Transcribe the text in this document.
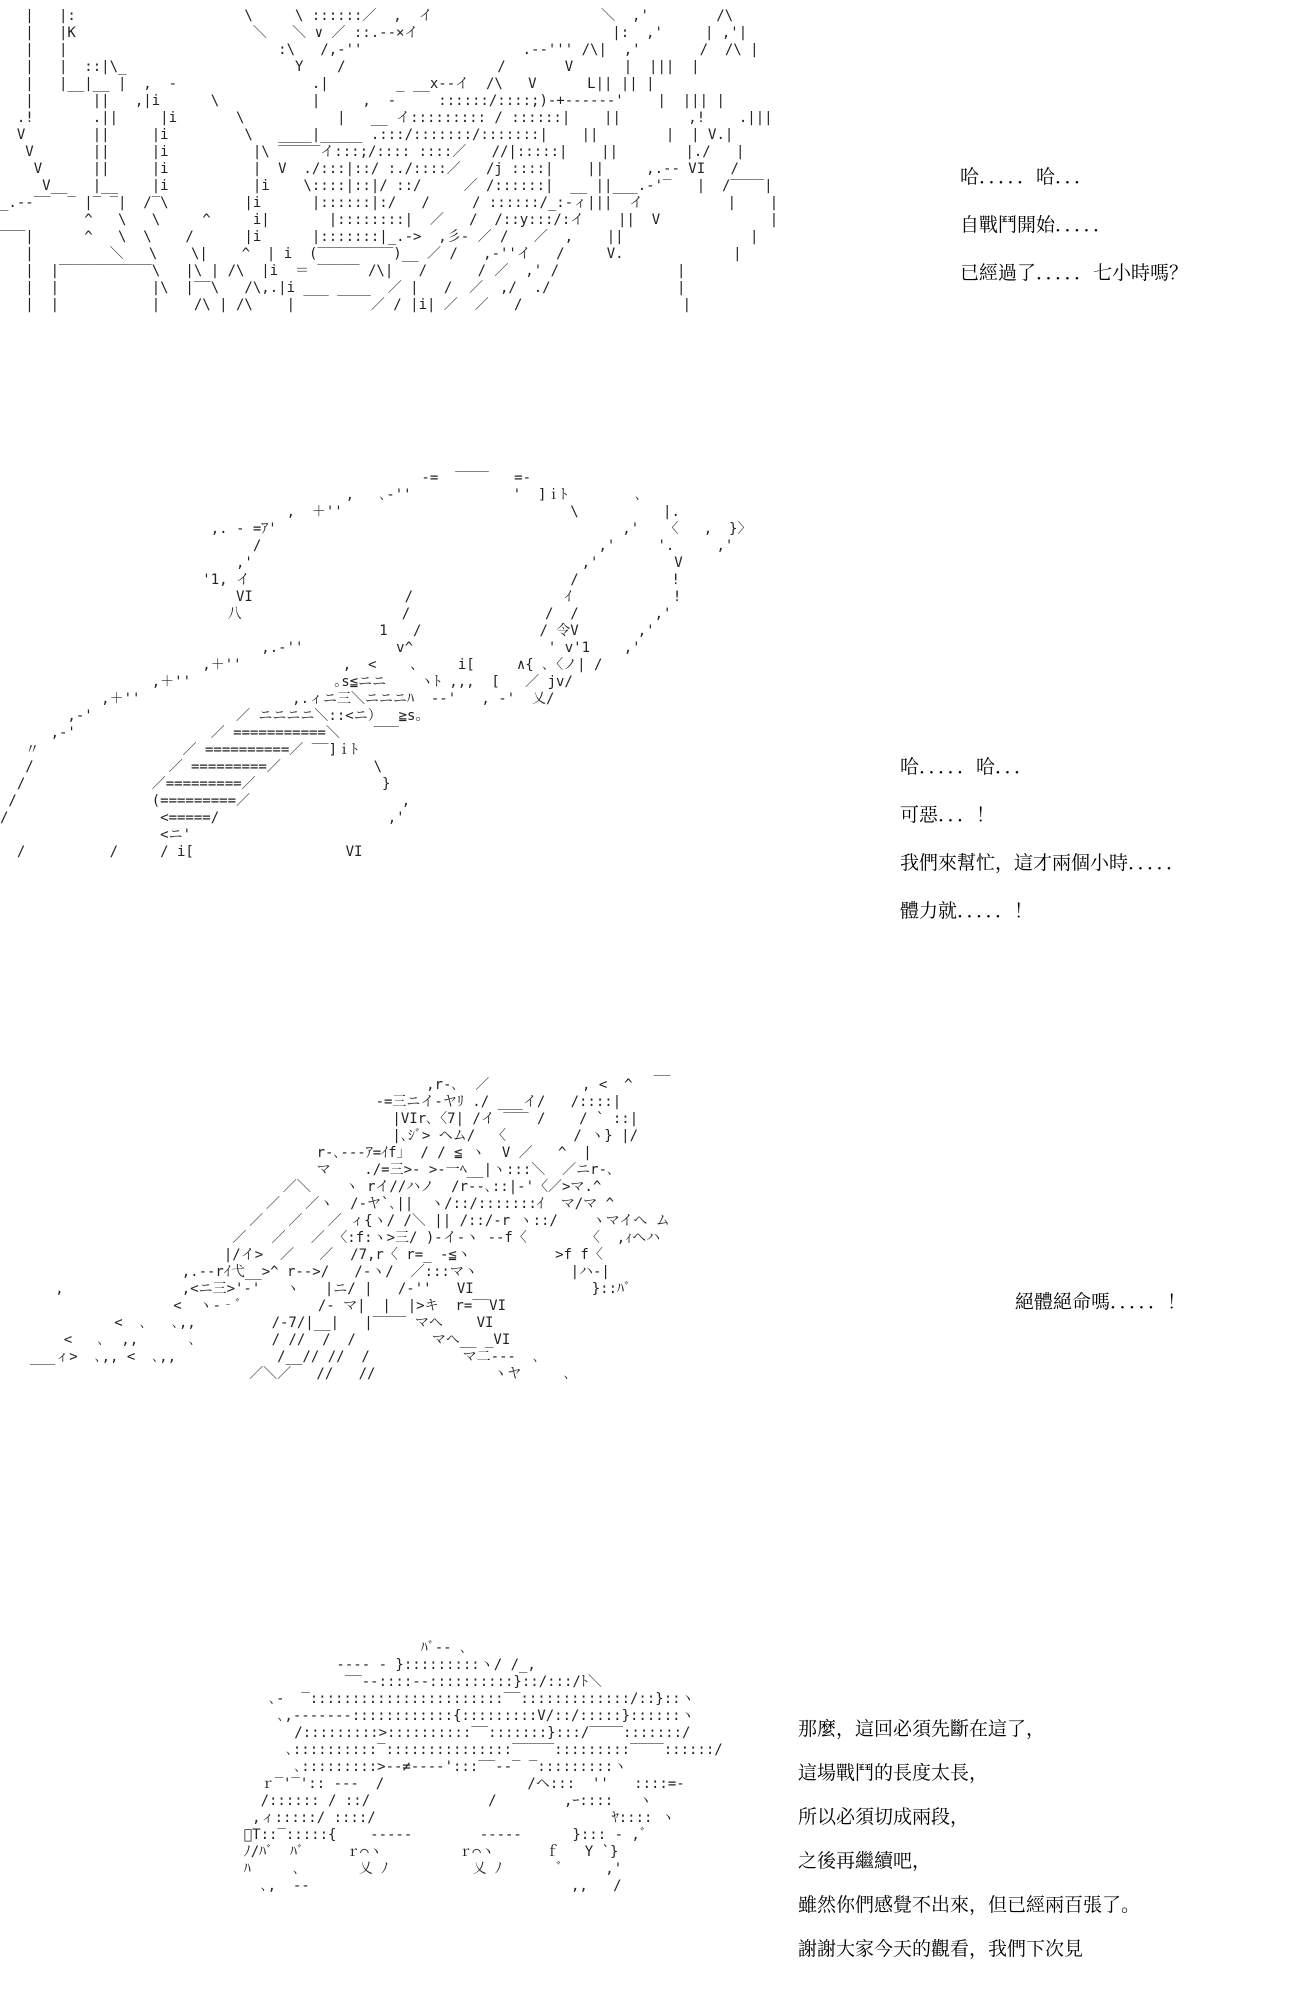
|   |:                    \     \ ::::::／  ,  イ                    ＼  ,'        /\
|   |K                     ＼   ＼ ∨ ／ ::.--×イ                       |:  ,'     | ,'|
|   |                         :\   /,-''                   .-‐''' /\|  ,'       /  /\ |
|   |  ::|\_                    Y    /                  /       V      |  |||  |
|   |__|__ |  ,  -                .|        _ __x--イ  /\   V      L|| || |
|       ||   ,|i      \           |     ,  -     ::::::/::::;)-+------'    |  ||| |
.!       .||     |i       \           |   __ イ::::::::: / ::::::|    ||        ,!    .|||
V        ||     |i         \   ____|_____ .:::/:::::::/:::::::|    ||        |  | V.|
V       ||     |i          |\ ‾‾‾‾‾イ:::;/:::: ::::／   //|:::::|    ||        |./   |
V      ||     |i          |  V  ./:::|::/ :./::::／   /j ::::|    ||     ,.-- VI   /
V__   |__    |i          |i    \::::|::|/ ::/     ／ /::::::|  __ ||___.-'‾   |  /‾‾‾‾|
_.--‾‾  ‾ |‾ ‾|  /‾\         |i      |::::::|:/   /     / ::::::/_:-ィ|||  イ          |    |
^   \   \     ^     i|       |::::::::|  ／   /  /::y:::/:イ    ||  V             |
‾‾‾|      ^   \  \    /      |i      |:::::::|_.->  ,彡- ／ /   ／  ,    ||               |
|         ＼   \    \|    ^  | i  (‾‾‾‾‾‾‾‾‾)__ ／ /   ,‐''イ   /     V.             |
|  |‾‾‾‾‾‾‾‾‾‾‾\   |\ | /\  |i  ＝ ‾‾‾‾‾ /\|   /      / ／  ,' /              |
|  |           |\  |‾‾\   /\,.|i ___ ____  ／ |   /  ／  ,/  ./               |
|  |           |    /\ | /\    |         ／ / |i| ／  ／   /                   |

哈．．．．．哈．．．
自戰鬥開始．．．．．
已經過了．．．．．七小時嗎？
-=  ‾‾‾‾   =-
,   ､‐''            '  ]ｉﾄ        ､
,  ＋''                           \          |.
,. - =ｱ'                                         ,'   〈   ,  }〉
/                                        ,'     '.     ,'
,'                                       ,'         V
'1, イ                                      /           !
VI                  /                  ｲ            !
八                   /                /  /         ,'
1   /              / 令V       ,'
,.‐''           v^                ' v'1    ,'
,＋''            ,  <    、    i[     ∧{ ､〈ノ| /
,＋''                 ｡s≦ニニ    ヽﾄ ,,,  [   ／ jv/
,＋''                  ,.ィニ三＼ニニニﾊ  -‐'   , ‐'  乂/
,-'                 ／ ニニニニ＼::<ニ）  ≧s｡
,-'                ／ ===========＼    ‾‾‾
〃                 ／ ==========／ ‾‾]ｉﾄ
/                ／ =========／           \
/               ／=========／               }
/                (=========／                  ,
/                  <=====/                    ,'
<ニ'
/          /     / i[                  VI

哈．．．．．哈．．．
可惡．．．！
我們來幫忙，這才兩個小時．．．．．
體力就．．．．．！
__
,r‐､  ／           , <  ^
‐=三ニイ-ヤﾘ ./ ___イ/   /::::|
|VIr､〈7| /イ ‾‾‾ /    / ` ::|
|､ｼﾞ> ヘム/  〈        / ヽ} |/
r‐､--‐ｱ=ｲf｣  / / ≦ ヽ  V ／   ^  |
マ    ./=三>‐ >‐一ﾍ__|ヽ:::＼  ／ニr‐､
／＼    ヽ rイ//ハノ  /r‐-､::|‐'〈／>マ.^
／   ／ヽ  /‐ヤ`､||  ヽ/::/:::::::ｲ  マ/マ ^
／   ／   ／ ィ{ヽ/ /＼ || /::/‐r ヽ::/    ヽマイへ ム
／   ／   ／ 〈:f:ヽ>三/ )‐イ‐ヽ ‐‐f〈       〈  ,ｨへハ
|/イ>  ／   ／  /7,r〈 r=_ ‐≦ヽ          >f f〈
,.-‐rｲ弋__>^ r‐‐>/   /‐ヽ/  ／:::マヽ           |ハ-|
,              ,<ニ三>'‐'   ヽ   |ニ/ |   /‐''   VI              }::ﾊﾞ
<  ヽ‐‐ﾞ         /‐ マ|  |  |>キ  r=‾‾VI
<  ､   ､,,         /‐7/|__|   |‾‾‾‾ マへ    VI
<   ､  ,,      ､         / //  /  /         マへ__ _VI
___ィ>  ､,, <  ､,,            /__// //  /           マ二‐‐‐  ､
／＼／   //   //              ヽヤ     ､

絕體絕命嗎．．．．．！
ﾊﾞ‐‐ ､
‐‐‐‐ ‐ }:::::::::ヽ/ /_,
‾‾‐‐::::‐‐::::::::::}::/:::/ﾄ＼
､‐  ‾:::::::::::::::::::::::‾‾:::::::::::::/::}::ヽ
､,‐-‐‐‐‐‐::::::::::::{:::::::::V/::/:::::}::::::ヽ
/:::::::::>::::::::::‾‾:::::::}:::/‾‾‾‾:::::::/
､::::::::::‾:::::::::::::::‾‾‾‾‾:::::::::‾‾‾‾::::::/
､:::::::::>‐‐≠‐‐‐‐':::‾‾‐‐‾ ‾:::::::::ヽ
ｒ‾'‾':: -‐‐  /                 /ヘ:::  ''   ::::=-
/:::::: / ::/              /        ,ｰ::::   ヽ
,ィ:::::/ ::::/                            ﾔ:::: ヽ
ﾞT::‾:::::{    ‐‐‐‐‐        ‐‐‐‐‐      }::: ‐ ,ﾞ
ﾉ/ﾊﾞ  ﾊﾞ     ｒ⌒ヽ         ｒ⌒ヽ      ｆ   Y `}
ﾊ     ､       乂 ﾉ          乂 ﾉ       ﾞ     ,'
､,  ‐‐                               ,,   /

那麼，這回必須先斷在這了，
這場戰鬥的長度太長，
所以必須切成兩段，
之後再繼續吧，
雖然你們感覺不出來，但已經兩百張了。
謝謝大家今天的觀看，我們下次見
